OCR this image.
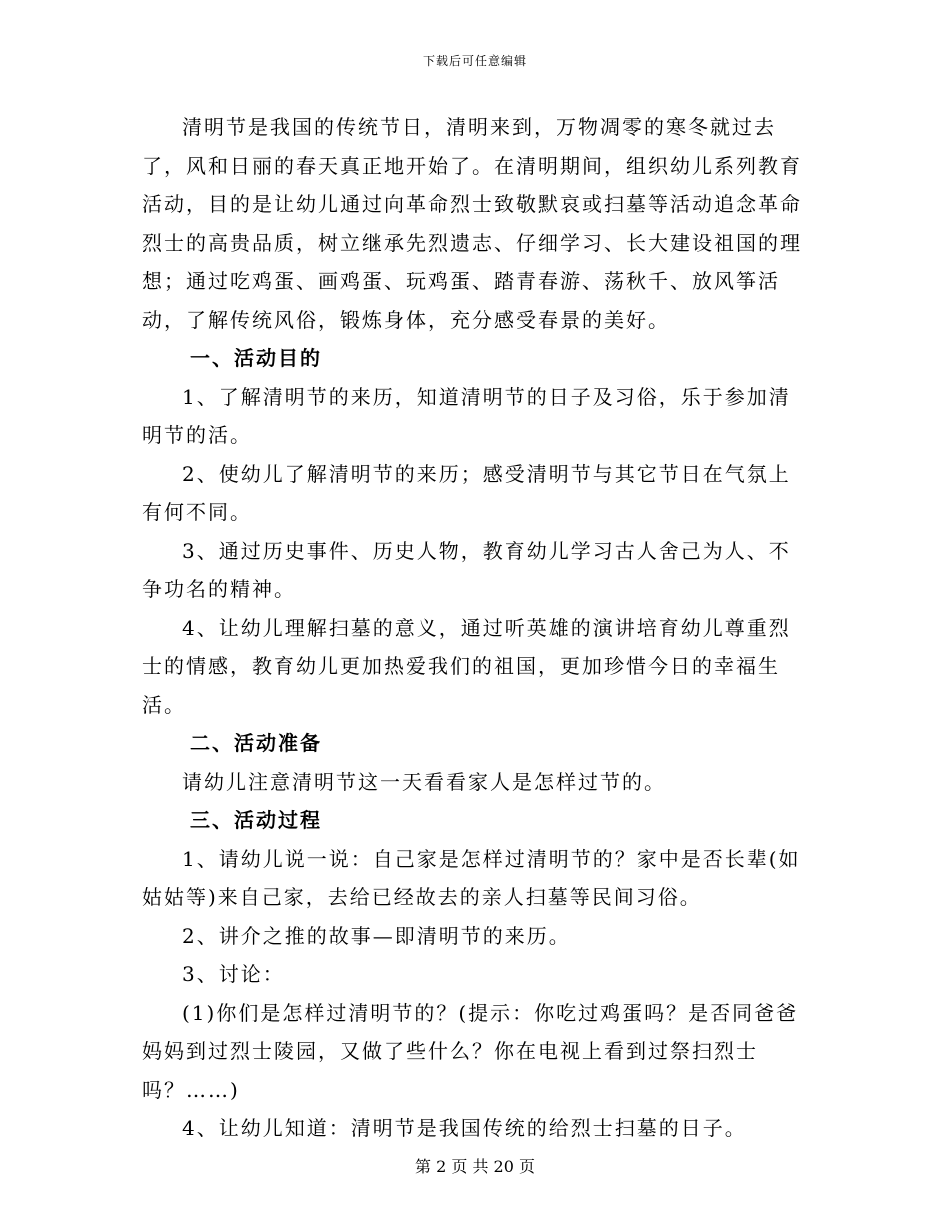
下载后可任意编辑

清明节是我国的传统节日，清明来到，万物凋零的寒冬就过去了，风和日丽的春天真正地开始了。在清明期间，组织幼儿系列教育活动，目的是让幼儿通过向革命烈士致敬默哀或扫墓等活动追念革命烈士的高贵品质，树立继承先烈遗志、仔细学习、长大建设祖国的理想；通过吃鸡蛋、画鸡蛋、玩鸡蛋、踏青春游、荡秋千、放风筝活动，了解传统风俗，锻炼身体，充分感受春景的美好。

一、活动目的

1、了解清明节的来历，知道清明节的日子及习俗，乐于参加清明节的活。

2、使幼儿了解清明节的来历；感受清明节与其它节日在气氛上有何不同。

3、通过历史事件、历史人物，教育幼儿学习古人舍己为人、不争功名的精神。

4、让幼儿理解扫墓的意义，通过听英雄的演讲培育幼儿尊重烈士的情感，教育幼儿更加热爱我们的祖国，更加珍惜今日的幸福生活。

二、活动准备

请幼儿注意清明节这一天看看家人是怎样过节的。

三、活动过程

1、请幼儿说一说：自己家是怎样过清明节的？家中是否长辈(如姑姑等)来自己家，去给已经故去的亲人扫墓等民间习俗。

2、讲介之推的故事—即清明节的来历。

3、讨论：

(1)你们是怎样过清明节的？(提示：你吃过鸡蛋吗？是否同爸爸妈妈到过烈士陵园，又做了些什么？你在电视上看到过祭扫烈士吗？……)

4、让幼儿知道：清明节是我国传统的给烈士扫墓的日子。

第 2 页 共 20 页
